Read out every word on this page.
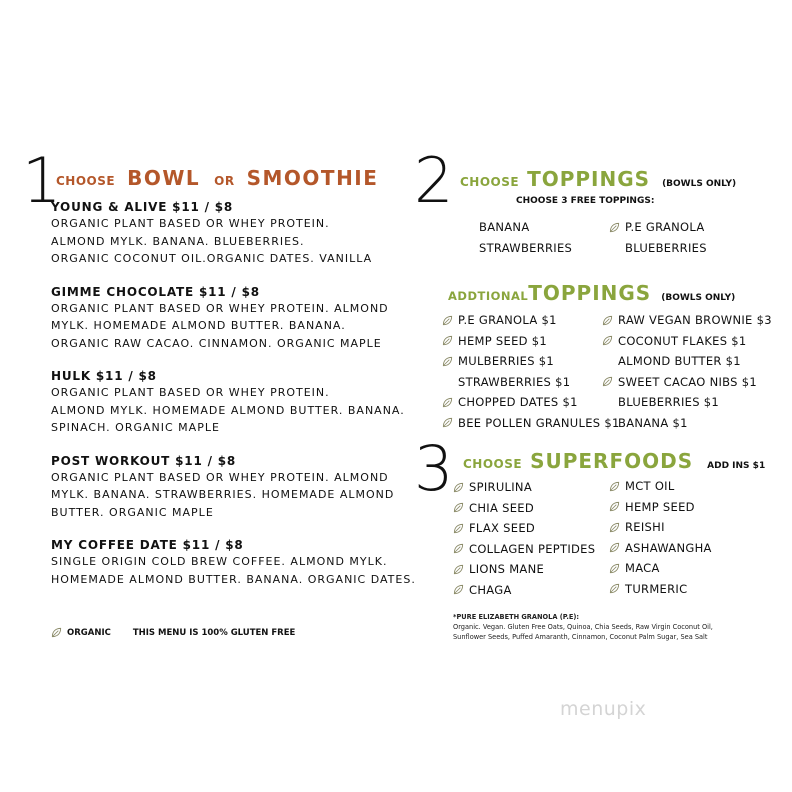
1
CHOOSE BOWL OR SMOOTHIE
YOUNG & ALIVE $11 / $8
ORGANIC PLANT BASED OR WHEY PROTEIN.
ALMOND MYLK. BANANA. BLUEBERRIES.
ORGANIC COCONUT OIL.ORGANIC DATES. VANILLA
GIMME CHOCOLATE $11 / $8
ORGANIC PLANT BASED OR WHEY PROTEIN. ALMOND
MYLK. HOMEMADE ALMOND BUTTER. BANANA.
ORGANIC RAW CACAO. CINNAMON. ORGANIC MAPLE
HULK $11 / $8
ORGANIC PLANT BASED OR WHEY PROTEIN.
ALMOND MYLK. HOMEMADE ALMOND BUTTER. BANANA.
SPINACH. ORGANIC MAPLE
POST WORKOUT $11 / $8
ORGANIC PLANT BASED OR WHEY PROTEIN. ALMOND
MYLK. BANANA. STRAWBERRIES. HOMEMADE ALMOND
BUTTER. ORGANIC MAPLE
MY COFFEE DATE $11 / $8
SINGLE ORIGIN COLD BREW COFFEE. ALMOND MYLK.
HOMEMADE ALMOND BUTTER. BANANA. ORGANIC DATES.
ORGANIC	THIS MENU IS 100% GLUTEN FREE
2 CHOOSE TOPPINGS (BOWLS ONLY)
CHOOSE 3 FREE TOPPINGS:
BANANA
STRAWBERRIES
P.E GRANOLA
BLUEBERRIES
ADDTIONAL TOPPINGS (BOWLS ONLY)
P.E GRANOLA $1
HEMP SEED $1
MULBERRIES $1
STRAWBERRIES $1
CHOPPED DATES $1
BEE POLLEN GRANULES $1
RAW VEGAN BROWNIE $3
COCONUT FLAKES $1
ALMOND BUTTER $1
SWEET CACAO NIBS $1
BLUEBERRIES $1
BANANA $1
3 CHOOSE SUPERFOODS ADD INS $1
SPIRULINA
CHIA SEED
FLAX SEED
COLLAGEN PEPTIDES
LIONS MANE
CHAGA
MCT OIL
HEMP SEED
REISHI
ASHAWANGHA
MACA
TURMERIC
*PURE ELIZABETH GRANOLA (P.E):
Organic. Vegan. Gluten Free Oats, Quinoa, Chia Seeds, Raw Virgin Coconut Oil,
Sunflower Seeds, Puffed Amaranth, Cinnamon, Coconut Palm Sugar, Sea Salt
menupix
